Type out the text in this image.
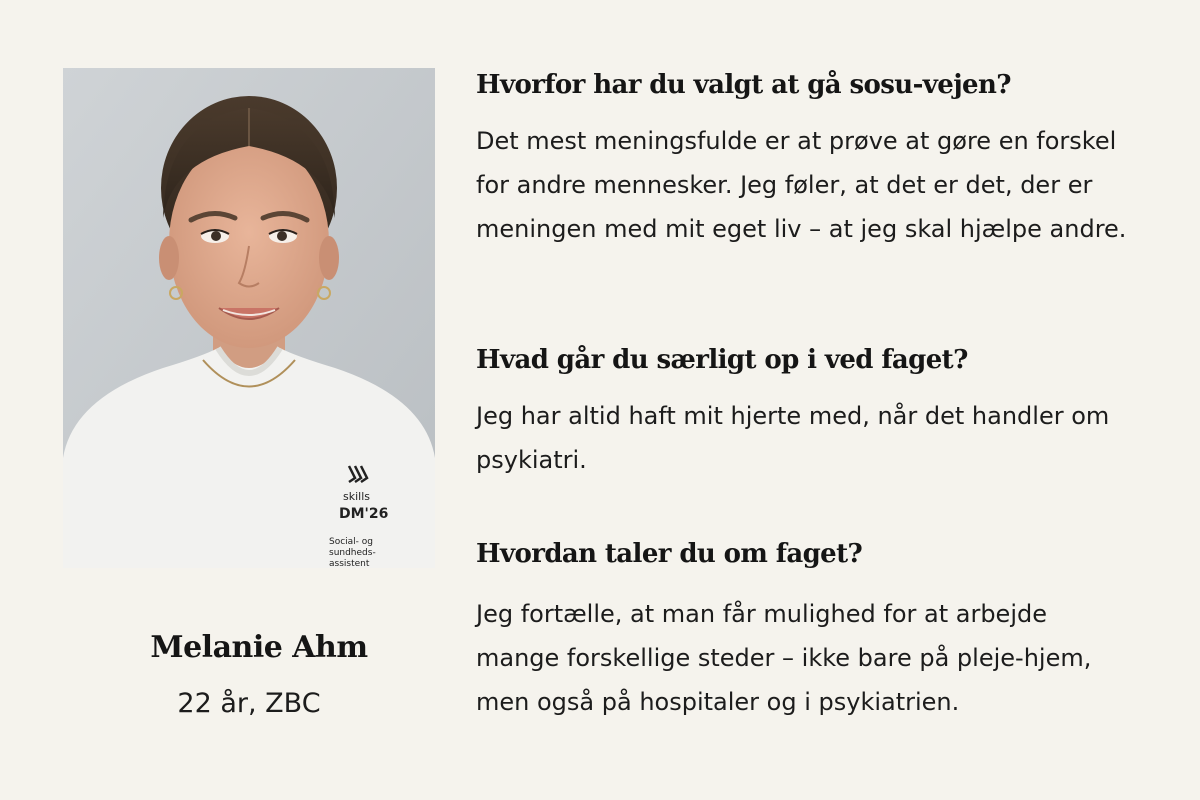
skills
DM'26
Social- og
sundheds-
assistent
Melanie Ahm
22 år, ZBC
Hvorfor har du valgt at gå sosu-vejen?

Det mest meningsfulde er at prøve at gøre en forskel for andre mennesker. Jeg føler, at det er det, der er meningen med mit eget liv – at jeg skal hjælpe andre.

Hvad går du særligt op i ved faget?

Jeg har altid haft mit hjerte med, når det handler om psykiatri.

Hvordan taler du om faget?

Jeg fortælle, at man får mulighed for at arbejde mange forskellige steder – ikke bare på pleje-hjem, men også på hospitaler og i psykiatrien.
